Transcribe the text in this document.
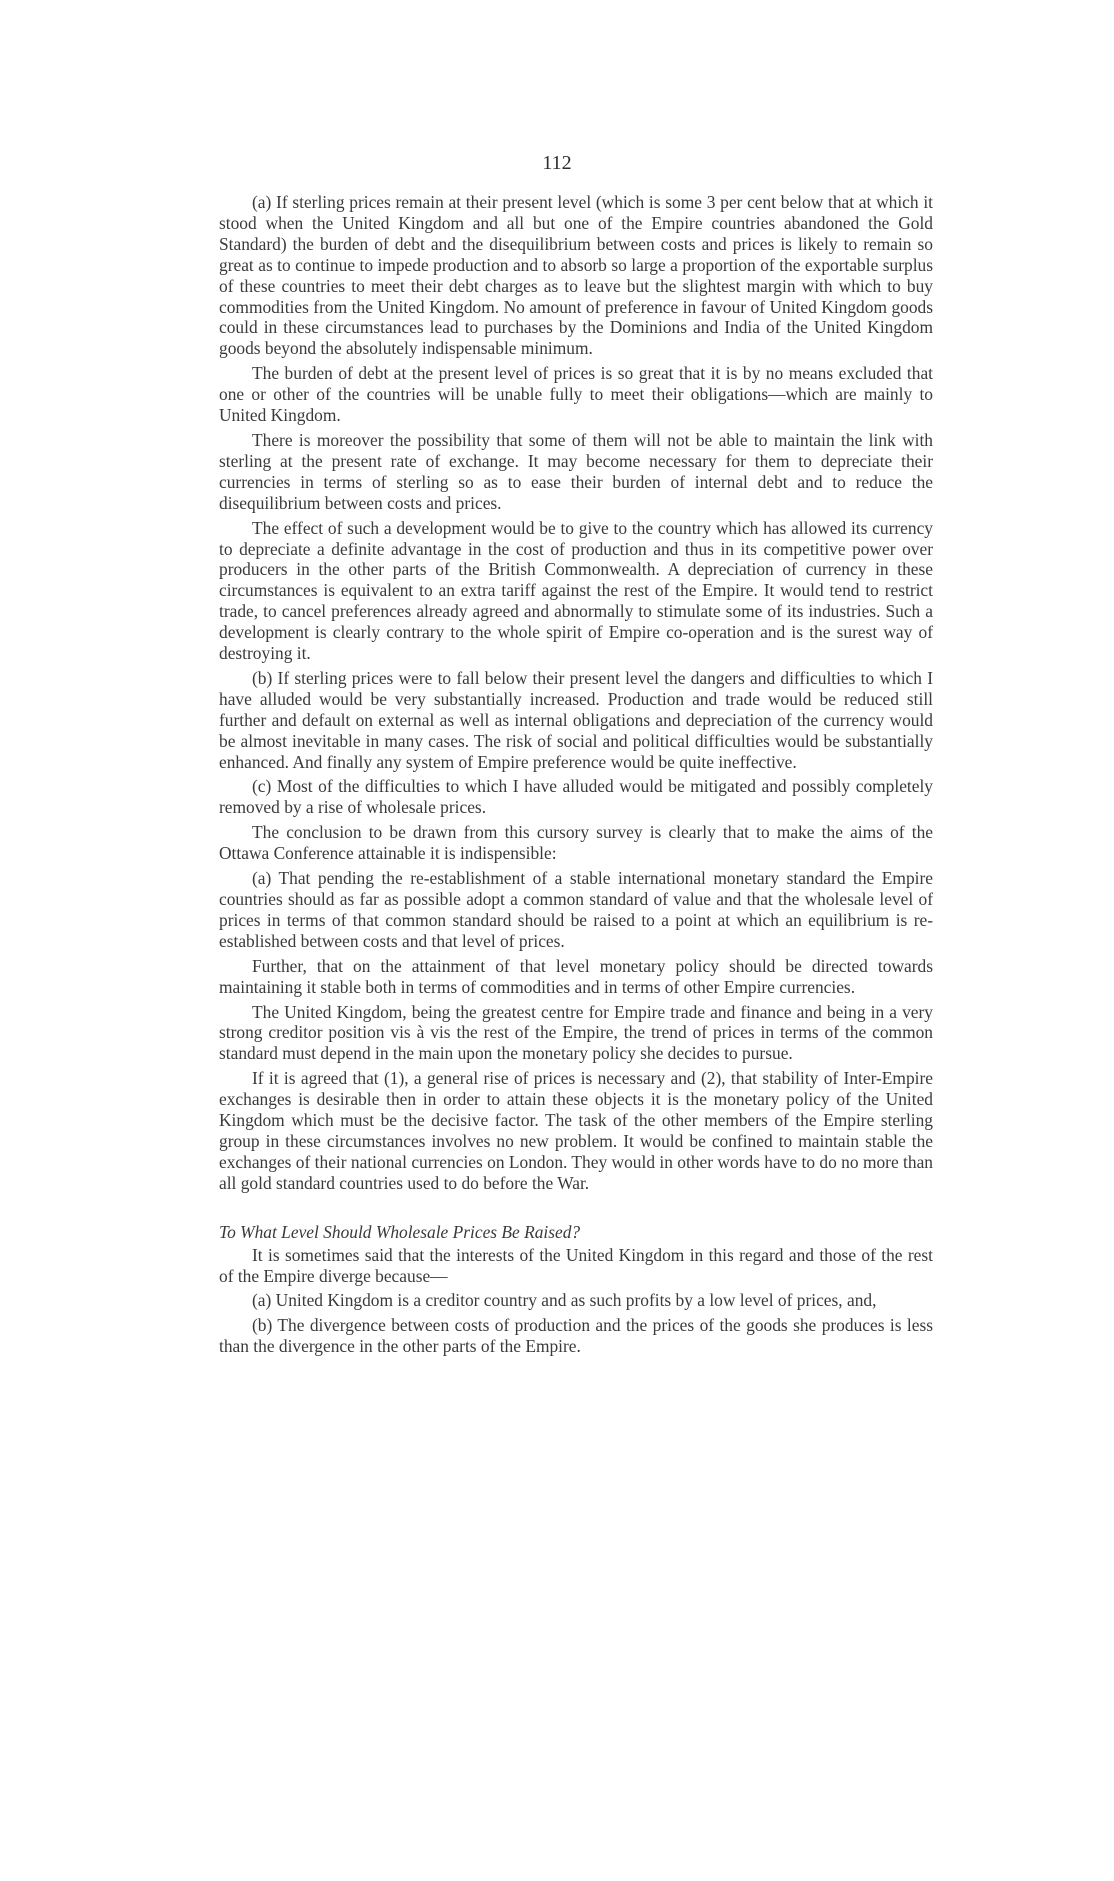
112

(a) If sterling prices remain at their present level (which is some 3 per cent below that at which it stood when the United Kingdom and all but one of the Empire countries abandoned the Gold Standard) the burden of debt and the disequilibrium between costs and prices is likely to remain so great as to continue to impede production and to absorb so large a proportion of the exportable surplus of these countries to meet their debt charges as to leave but the slightest margin with which to buy commodities from the United Kingdom. No amount of preference in favour of United Kingdom goods could in these circumstances lead to purchases by the Dominions and India of the United Kingdom goods beyond the absolutely indispensable minimum.

The burden of debt at the present level of prices is so great that it is by no means excluded that one or other of the countries will be unable fully to meet their obligations—which are mainly to United Kingdom.

There is moreover the possibility that some of them will not be able to maintain the link with sterling at the present rate of exchange. It may become necessary for them to depreciate their currencies in terms of sterling so as to ease their burden of internal debt and to reduce the disequilibrium between costs and prices.

The effect of such a development would be to give to the country which has allowed its currency to depreciate a definite advantage in the cost of production and thus in its competitive power over producers in the other parts of the British Commonwealth. A depreciation of currency in these circumstances is equivalent to an extra tariff against the rest of the Empire. It would tend to restrict trade, to cancel preferences already agreed and abnormally to stimulate some of its industries. Such a development is clearly contrary to the whole spirit of Empire co-operation and is the surest way of destroying it.

(b) If sterling prices were to fall below their present level the dangers and difficulties to which I have alluded would be very substantially increased. Production and trade would be reduced still further and default on external as well as internal obligations and depreciation of the currency would be almost inevitable in many cases. The risk of social and political difficulties would be substantially enhanced. And finally any system of Empire preference would be quite ineffective.

(c) Most of the difficulties to which I have alluded would be mitigated and possibly completely removed by a rise of wholesale prices.

The conclusion to be drawn from this cursory survey is clearly that to make the aims of the Ottawa Conference attainable it is indispensible:

(a) That pending the re-establishment of a stable international monetary standard the Empire countries should as far as possible adopt a common standard of value and that the wholesale level of prices in terms of that common standard should be raised to a point at which an equilibrium is re-established between costs and that level of prices.

Further, that on the attainment of that level monetary policy should be directed towards maintaining it stable both in terms of commodities and in terms of other Empire currencies.

The United Kingdom, being the greatest centre for Empire trade and finance and being in a very strong creditor position vis à vis the rest of the Empire, the trend of prices in terms of the common standard must depend in the main upon the monetary policy she decides to pursue.

If it is agreed that (1), a general rise of prices is necessary and (2), that stability of Inter-Empire exchanges is desirable then in order to attain these objects it is the monetary policy of the United Kingdom which must be the decisive factor. The task of the other members of the Empire sterling group in these circumstances involves no new problem. It would be confined to maintain stable the exchanges of their national currencies on London. They would in other words have to do no more than all gold standard countries used to do before the War.

To What Level Should Wholesale Prices Be Raised?

It is sometimes said that the interests of the United Kingdom in this regard and those of the rest of the Empire diverge because—

(a) United Kingdom is a creditor country and as such profits by a low level of prices, and,

(b) The divergence between costs of production and the prices of the goods she produces is less than the divergence in the other parts of the Empire.
